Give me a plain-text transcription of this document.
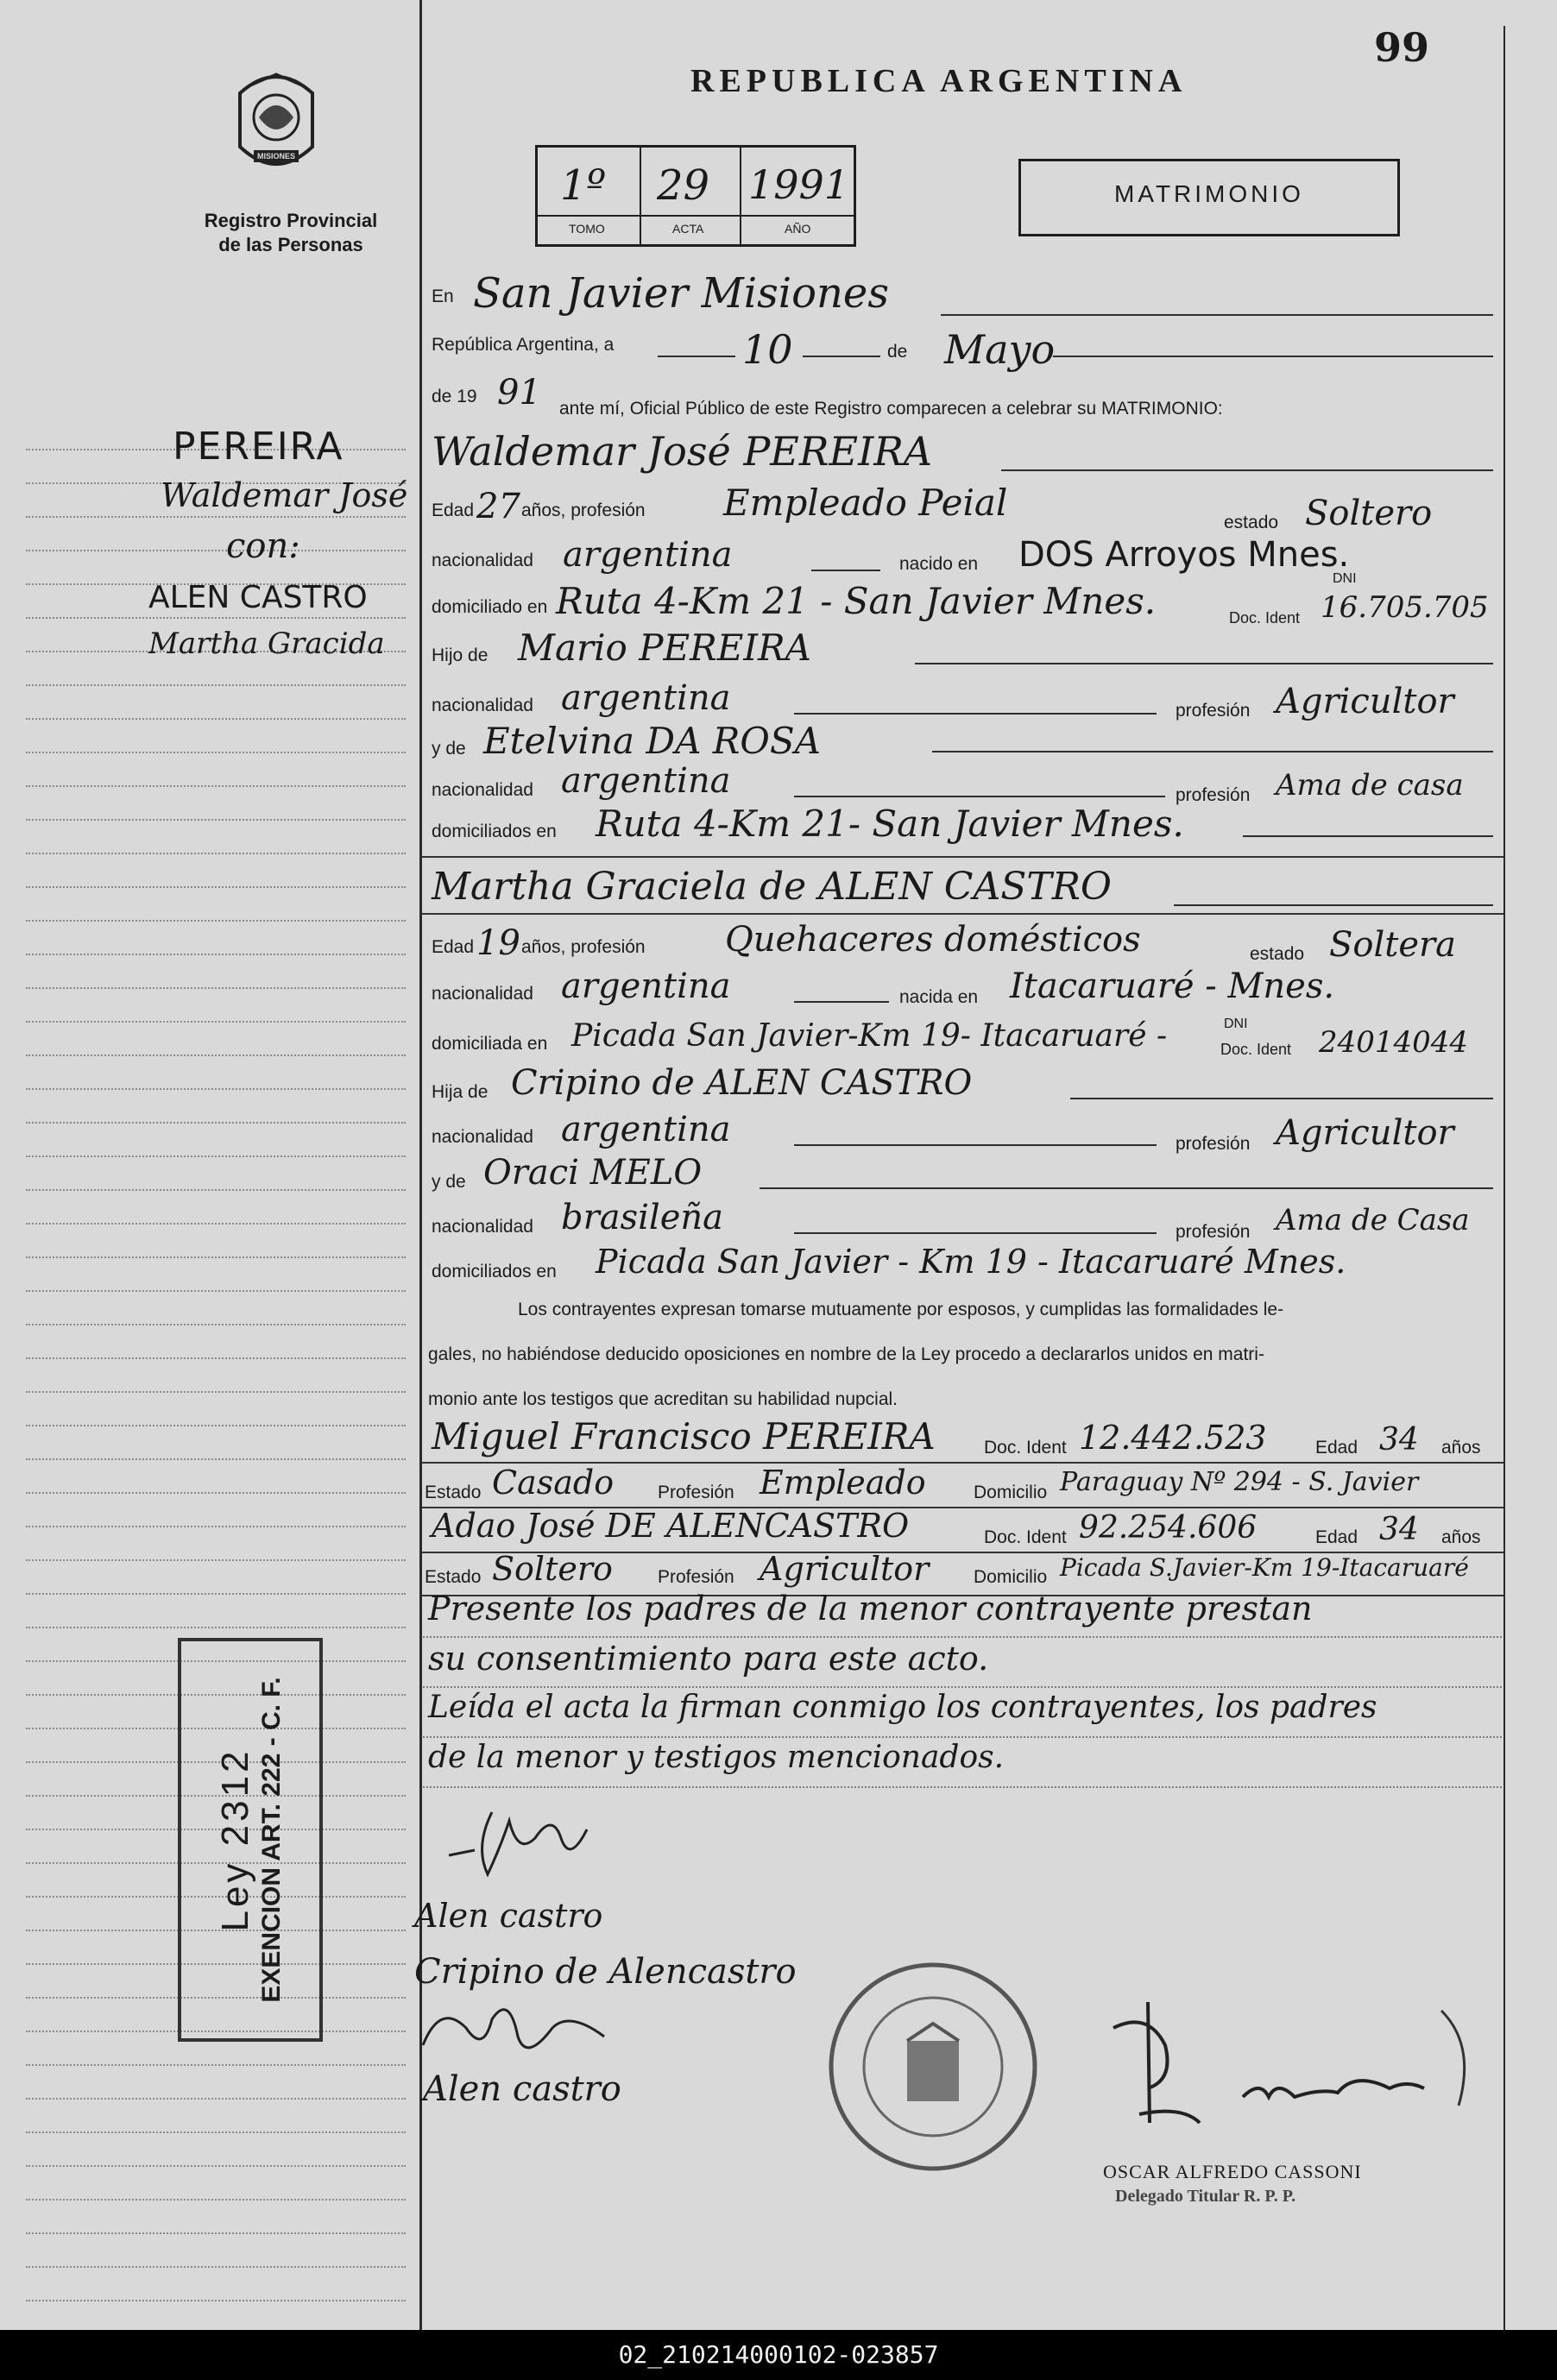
99
MISIONES
Registro Provincial de las Personas
REPUBLICA ARGENTINA
1º 29 1991
TOMO	ACTA	AÑO
MATRIMONIO
PEREIRA
Waldemar José
con:
ALEN CASTRO
Martha Gracida
En San Javier Misiones
República Argentina, a	10	de Mayo
de 19 91 ante mí, Oficial Público de este Registro comparecen a celebrar su MATRIMONIO:
Waldemar José PEREIRA
Edad 27 años, profesión Empleado Peial	estado Soltero
nacionalidad argentina	nacido en DOS Arroyos Mnes.
domiciliado en Ruta 4-Km 21 - San Javier Mnes.
DNI
Doc. Ident 16.705.705
Hijo de Mario PEREIRA
nacionalidad argentina	profesión Agricultor
y de Etelvina DA ROSA
nacionalidad argentina	profesión Ama de casa
domiciliados en Ruta 4-Km 21- San Javier Mnes.
Martha Graciela de ALEN CASTRO
Edad 19 años, profesión Quehaceres domésticos	estado Soltera
nacionalidad argentina	nacida en Itacaruaré - Mnes.
domiciliada en Picada San Javier-Km 19- Itacaruaré -	DNI
Doc. Ident 24014044
Hija de Cripino de ALEN CASTRO
nacionalidad argentina	profesión Agricultor
y de Oraci MELO
nacionalidad brasileña	profesión Ama de Casa
domiciliados en Picada San Javier - Km 19 - Itacaruaré Mnes.
Los contrayentes expresan tomarse mutuamente por esposos, y cumplidas las formalidades le-
gales, no habiéndose deducido oposiciones en nombre de la Ley procedo a declararlos unidos en matri-
monio ante los testigos que acreditan su habilidad nupcial.
Miguel Francisco PEREIRA	Doc. Ident 12.442.523	Edad 34 años
Estado Casado Profesión Empleado	Domicilio Paraguay Nº 294 - S. Javier
Adao José DE ALENCASTRO	Doc. Ident 92.254.606	Edad 34 años
Estado Soltero Profesión Agricultor Domicilio Picada S.Javier-Km 19-Itacaruaré
Presente los padres de la menor contrayente prestan
su consentimiento para este acto.
Leída el acta la firman conmigo los contrayentes, los padres
de la menor y testigos mencionados.
Ley 2312 EXENCION ART. 222 - C. F.	Alen castro
Cripino de Alencastro
Alen castro
OSCAR ALFREDO CASSONI
Delegado Titular R. P. P.
02_210214000102-023857
